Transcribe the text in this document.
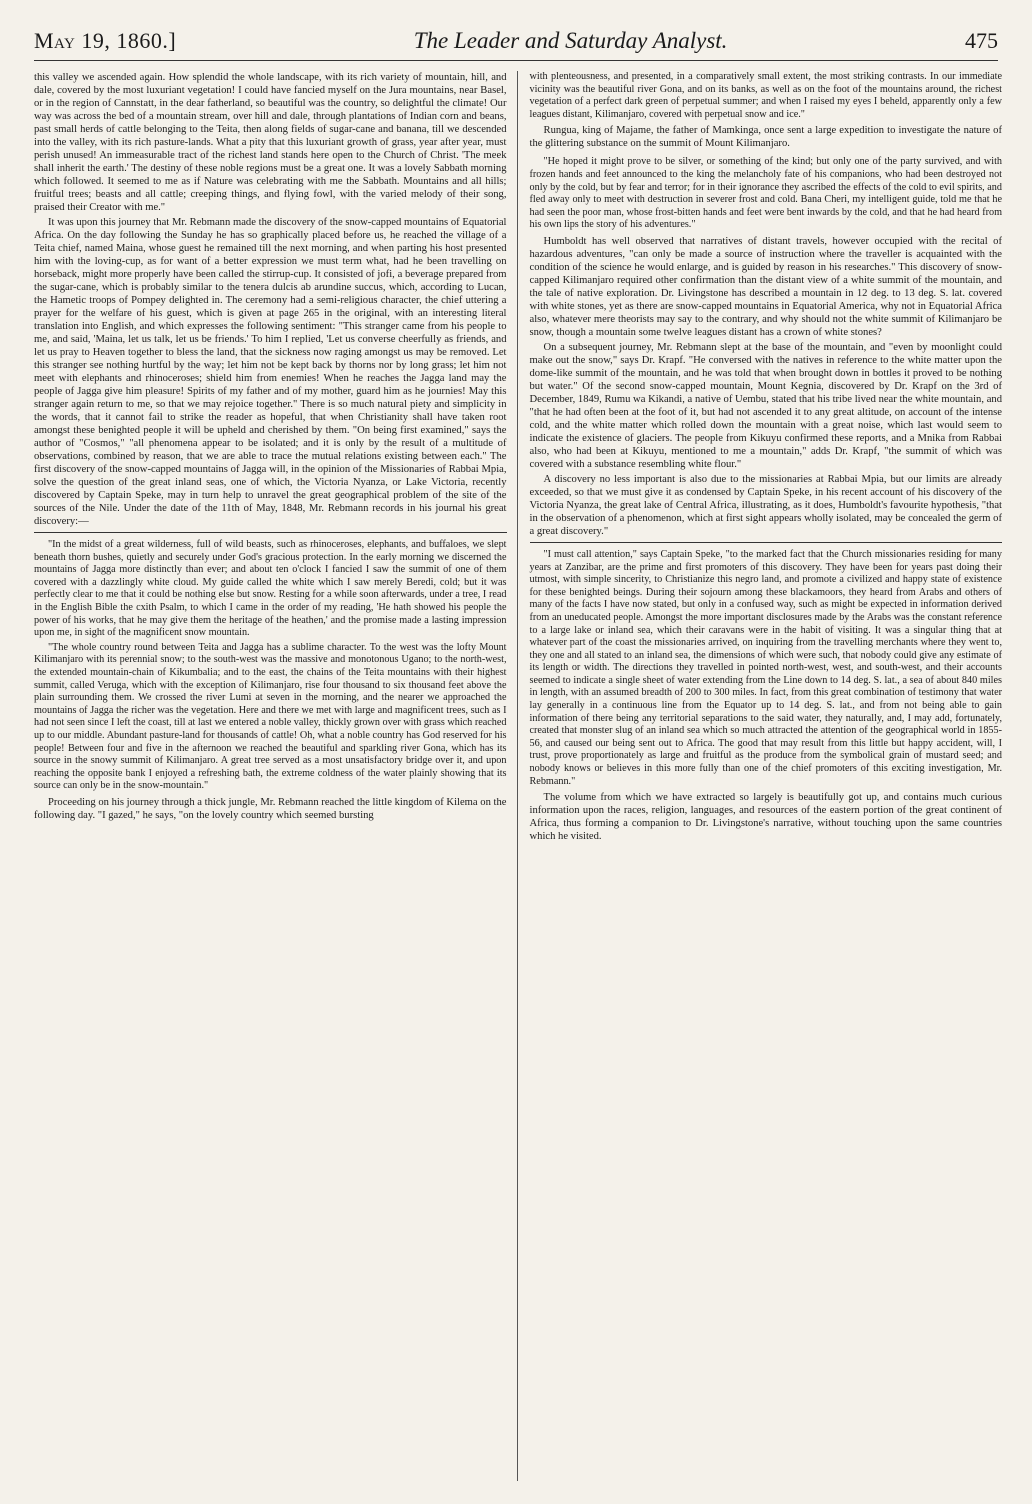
May 19, 1860.]	The Leader and Saturday Analyst.	475

this valley we ascended again. How splendid the whole landscape, with its rich variety of mountain, hill, and dale, covered by the most luxuriant vegetation! I could have fancied myself on the Jura mountains, near Basel, or in the region of Cannstatt, in the dear fatherland, so beautiful was the country, so delightful the climate! Our way was across the bed of a mountain stream, over hill and dale, through plantations of Indian corn and beans, past small herds of cattle belonging to the Teita, then along fields of sugar-cane and banana, till we descended into the valley, with its rich pasture-lands. What a pity that this luxuriant growth of grass, year after year, must perish unused! An immeasurable tract of the richest land stands here open to the Church of Christ. 'The meek shall inherit the earth.' The destiny of these noble regions must be a great one. It was a lovely Sabbath morning which followed. It seemed to me as if Nature was celebrating with me the Sabbath. Mountains and all hills; fruitful trees; beasts and all cattle; creeping things, and flying fowl, with the varied melody of their song, praised their Creator with me."

It was upon this journey that Mr. Rebmann made the discovery of the snow-capped mountains of Equatorial Africa. On the day following the Sunday he has so graphically placed before us, he reached the village of a Teita chief, named Maina, whose guest he remained till the next morning, and when parting his host presented him with the loving-cup, as for want of a better expression we must term what, had he been travelling on horseback, might more properly have been called the stirrup-cup. It consisted of jofi, a beverage prepared from the sugar-cane, which is probably similar to the tenera dulcis ab arundine succus, which, according to Lucan, the Hametic troops of Pompey delighted in. The ceremony had a semi-religious character, the chief uttering a prayer for the welfare of his guest, which is given at page 265 in the original, with an interesting literal translation into English, and which expresses the following sentiment: "This stranger came from his people to me, and said, 'Maina, let us talk, let us be friends.' To him I replied, 'Let us converse cheerfully as friends, and let us pray to Heaven together to bless the land, that the sickness now raging amongst us may be removed. Let this stranger see nothing hurtful by the way; let him not be kept back by thorns nor by long grass; let him not meet with elephants and rhinoceroses; shield him from enemies! When he reaches the Jagga land may the people of Jagga give him pleasure! Spirits of my father and of my mother, guard him as he journies! May this stranger again return to me, so that we may rejoice together." There is so much natural piety and simplicity in the words, that it cannot fail to strike the reader as hopeful, that when Christianity shall have taken root amongst these benighted people it will be upheld and cherished by them. "On being first examined," says the author of "Cosmos," "all phenomena appear to be isolated; and it is only by the result of a multitude of observations, combined by reason, that we are able to trace the mutual relations existing between each." The first discovery of the snow-capped mountains of Jagga will, in the opinion of the Missionaries of Rabbai Mpia, solve the question of the great inland seas, one of which, the Victoria Nyanza, or Lake Victoria, recently discovered by Captain Speke, may in turn help to unravel the great geographical problem of the site of the sources of the Nile. Under the date of the 11th of May, 1848, Mr. Rebmann records in his journal his great discovery:—

"In the midst of a great wilderness, full of wild beasts, such as rhinoceroses, elephants, and buffaloes, we slept beneath thorn bushes, quietly and securely under God's gracious protection. In the early morning we discerned the mountains of Jagga more distinctly than ever; and about ten o'clock I fancied I saw the summit of one of them covered with a dazzlingly white cloud. My guide called the white which I saw merely Beredi, cold; but it was perfectly clear to me that it could be nothing else but snow. Resting for a while soon afterwards, under a tree, I read in the English Bible the cxith Psalm, to which I came in the order of my reading, 'He hath showed his people the power of his works, that he may give them the heritage of the heathen,' and the promise made a lasting impression upon me, in sight of the magnificent snow mountain.

"The whole country round between Teita and Jagga has a sublime character. To the west was the lofty Mount Kilimanjaro with its perennial snow; to the south-west was the massive and monotonous Ugano; to the north-west, the extended mountain-chain of Kikumbalia; and to the east, the chains of the Teita mountains with their highest summit, called Veruga, which with the exception of Kilimanjaro, rise four thousand to six thousand feet above the plain surrounding them. We crossed the river Lumi at seven in the morning, and the nearer we approached the mountains of Jagga the richer was the vegetation. Here and there we met with large and magnificent trees, such as I had not seen since I left the coast, till at last we entered a noble valley, thickly grown over with grass which reached up to our middle. Abundant pasture-land for thousands of cattle! Oh, what a noble country has God reserved for his people! Between four and five in the afternoon we reached the beautiful and sparkling river Gona, which has its source in the snowy summit of Kilimanjaro. A great tree served as a most unsatisfactory bridge over it, and upon reaching the opposite bank I enjoyed a refreshing bath, the extreme coldness of the water plainly showing that its source can only be in the snow-mountain."

Proceeding on his journey through a thick jungle, Mr. Rebmann reached the little kingdom of Kilema on the following day. "I gazed," he says, "on the lovely country which seemed bursting

with plenteousness, and presented, in a comparatively small extent, the most striking contrasts. In our immediate vicinity was the beautiful river Gona, and on its banks, as well as on the foot of the mountains around, the richest vegetation of a perfect dark green of perpetual summer; and when I raised my eyes I beheld, apparently only a few leagues distant, Kilimanjaro, covered with perpetual snow and ice."

Rungua, king of Majame, the father of Mamkinga, once sent a large expedition to investigate the nature of the glittering substance on the summit of Mount Kilimanjaro.

"He hoped it might prove to be silver, or something of the kind; but only one of the party survived, and with frozen hands and feet announced to the king the melancholy fate of his companions, who had been destroyed not only by the cold, but by fear and terror; for in their ignorance they ascribed the effects of the cold to evil spirits, and fled away only to meet with destruction in severer frost and cold. Bana Cheri, my intelligent guide, told me that he had seen the poor man, whose frost-bitten hands and feet were bent inwards by the cold, and that he had heard from his own lips the story of his adventures."

Humboldt has well observed that narratives of distant travels, however occupied with the recital of hazardous adventures, "can only be made a source of instruction where the traveller is acquainted with the condition of the science he would enlarge, and is guided by reason in his researches." This discovery of snow-capped Kilimanjaro required other confirmation than the distant view of a white summit of the mountain, and the tale of native exploration. Dr. Livingstone has described a mountain in 12 deg. to 13 deg. S. lat. covered with white stones, yet as there are snow-capped mountains in Equatorial America, why not in Equatorial Africa also, whatever mere theorists may say to the contrary, and why should not the white summit of Kilimanjaro be snow, though a mountain some twelve leagues distant has a crown of white stones?

On a subsequent journey, Mr. Rebmann slept at the base of the mountain, and "even by moonlight could make out the snow," says Dr. Krapf. "He conversed with the natives in reference to the white matter upon the dome-like summit of the mountain, and he was told that when brought down in bottles it proved to be nothing but water." Of the second snow-capped mountain, Mount Kegnia, discovered by Dr. Krapf on the 3rd of December, 1849, Rumu wa Kikandi, a native of Uembu, stated that his tribe lived near the white mountain, and "that he had often been at the foot of it, but had not ascended it to any great altitude, on account of the intense cold, and the white matter which rolled down the mountain with a great noise, which last would seem to indicate the existence of glaciers. The people from Kikuyu confirmed these reports, and a Mnika from Rabbai also, who had been at Kikuyu, mentioned to me a mountain," adds Dr. Krapf, "the summit of which was covered with a substance resembling white flour."

A discovery no less important is also due to the missionaries at Rabbai Mpia, but our limits are already exceeded, so that we must give it as condensed by Captain Speke, in his recent account of his discovery of the Victoria Nyanza, the great lake of Central Africa, illustrating, as it does, Humboldt's favourite hypothesis, "that in the observation of a phenomenon, which at first sight appears wholly isolated, may be concealed the germ of a great discovery."

"I must call attention," says Captain Speke, "to the marked fact that the Church missionaries residing for many years at Zanzibar, are the prime and first promoters of this discovery. They have been for years past doing their utmost, with simple sincerity, to Christianize this negro land, and promote a civilized and happy state of existence for these benighted beings. During their sojourn among these blackamoors, they heard from Arabs and others of many of the facts I have now stated, but only in a confused way, such as might be expected in information derived from an uneducated people. Amongst the more important disclosures made by the Arabs was the constant reference to a large lake or inland sea, which their caravans were in the habit of visiting. It was a singular thing that at whatever part of the coast the missionaries arrived, on inquiring from the travelling merchants where they went to, they one and all stated to an inland sea, the dimensions of which were such, that nobody could give any estimate of its length or width. The directions they travelled in pointed north-west, west, and south-west, and their accounts seemed to indicate a single sheet of water extending from the Line down to 14 deg. S. lat., a sea of about 840 miles in length, with an assumed breadth of 200 to 300 miles. In fact, from this great combination of testimony that water lay generally in a continuous line from the Equator up to 14 deg. S. lat., and from not being able to gain information of there being any territorial separations to the said water, they naturally, and, I may add, fortunately, created that monster slug of an inland sea which so much attracted the attention of the geographical world in 1855-56, and caused our being sent out to Africa. The good that may result from this little but happy accident, will, I trust, prove proportionately as large and fruitful as the produce from the symbolical grain of mustard seed; and nobody knows or believes in this more fully than one of the chief promoters of this exciting investigation, Mr. Rebmann."

The volume from which we have extracted so largely is beautifully got up, and contains much curious information upon the races, religion, languages, and resources of the eastern portion of the great continent of Africa, thus forming a companion to Dr. Livingstone's narrative, without touching upon the same countries which he visited.
